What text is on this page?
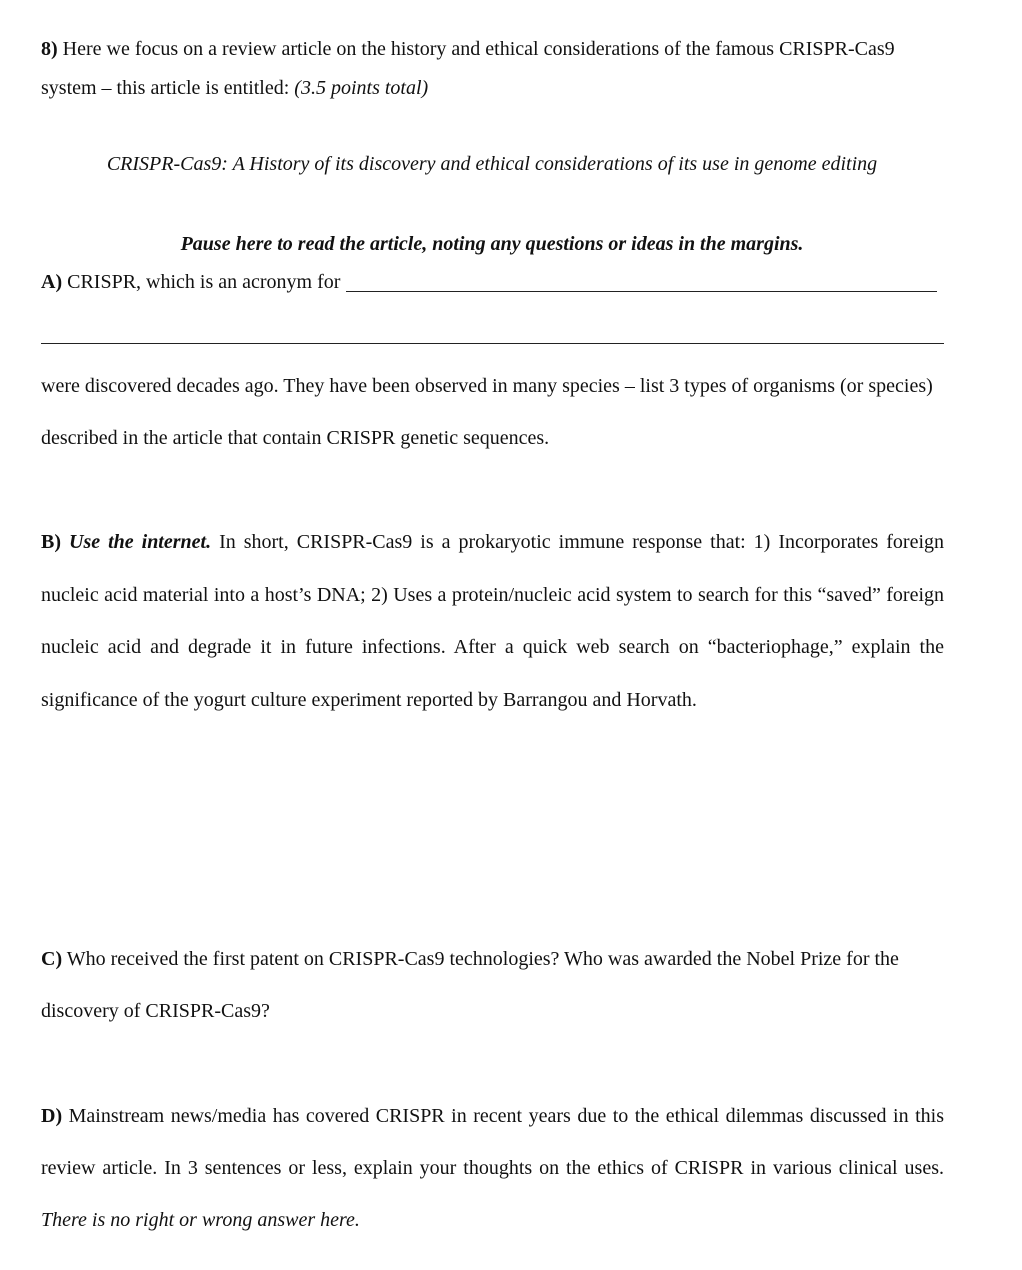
8) Here we focus on a review article on the history and ethical considerations of the famous CRISPR-Cas9 system – this article is entitled: (3.5 points total)

CRISPR-Cas9: A History of its discovery and ethical considerations of its use in genome editing
Pause here to read the article, noting any questions or ideas in the margins.
A)
CRISPR, which is an acronym for

were discovered decades ago. They have been observed in many species – list 3 types of organisms (or species) described in the article that contain CRISPR genetic sequences.

B) Use the internet. In short, CRISPR-Cas9 is a prokaryotic immune response that: 1) Incorporates foreign nucleic acid material into a host’s DNA; 2) Uses a protein/nucleic acid system to search for this “saved” foreign nucleic acid and degrade it in future infections. After a quick web search on “bacteriophage,” explain the significance of the yogurt culture experiment reported by Barrangou and Horvath.

C) Who received the first patent on CRISPR-Cas9 technologies? Who was awarded the Nobel Prize for the discovery of CRISPR-Cas9?

D) Mainstream news/media has covered CRISPR in recent years due to the ethical dilemmas discussed in this review article. In 3 sentences or less, explain your thoughts on the ethics of CRISPR in various clinical uses. There is no right or wrong answer here.
